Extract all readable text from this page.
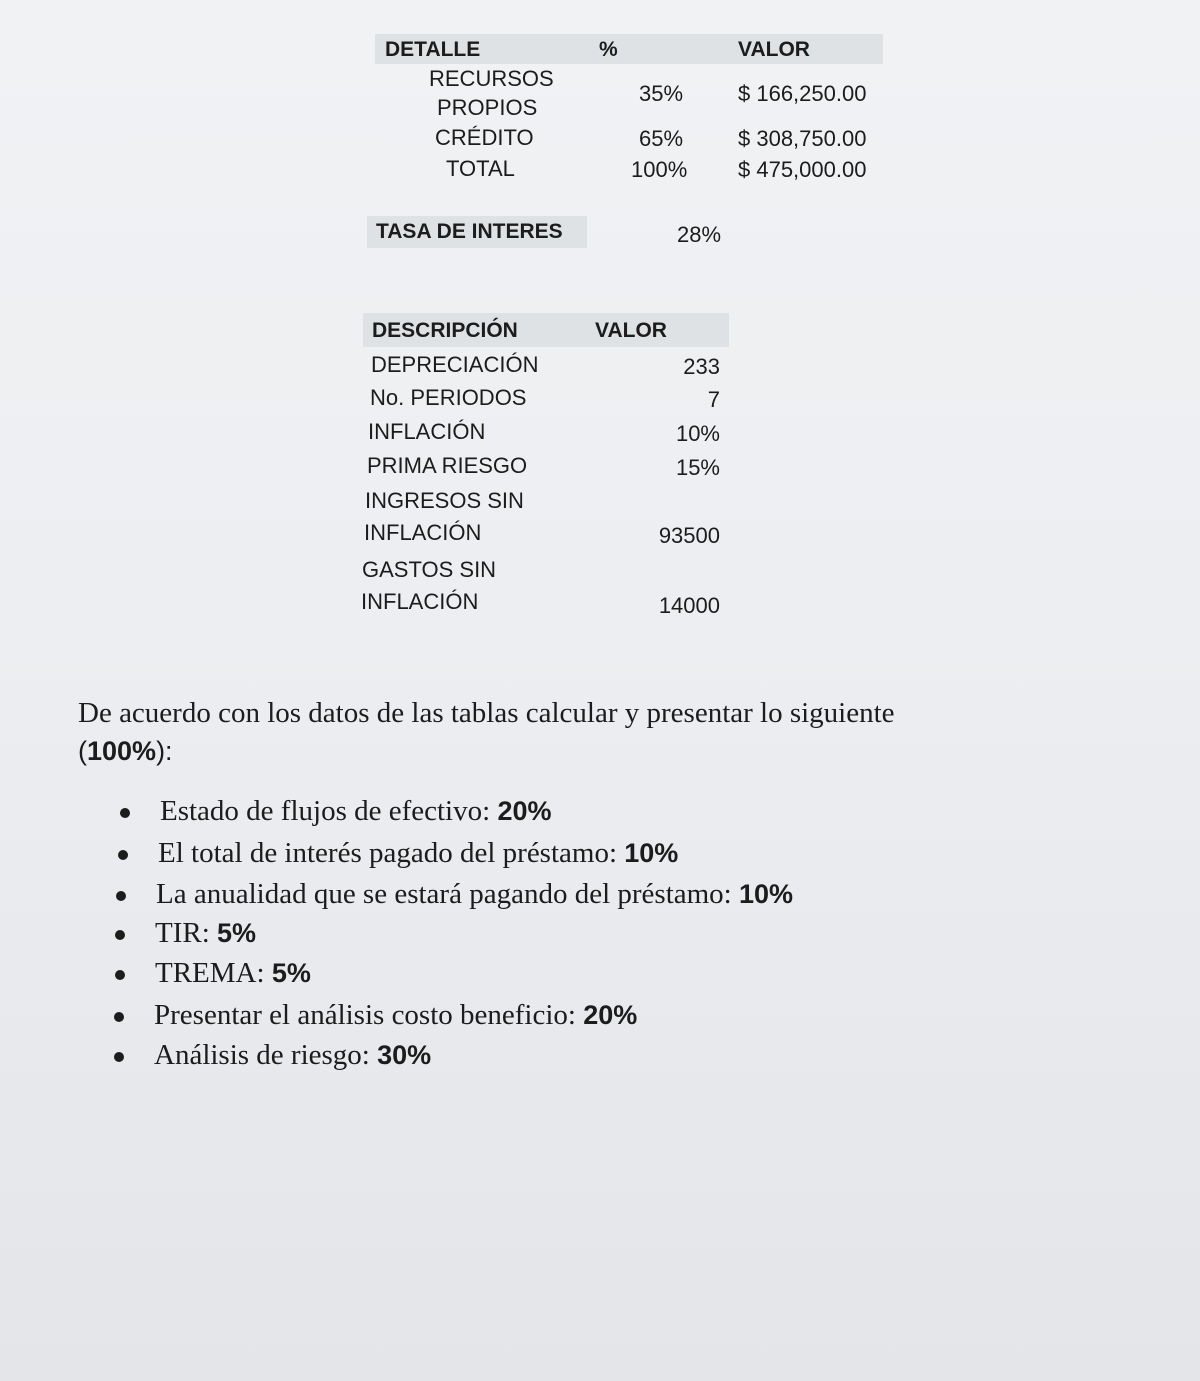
DETALLE	%	VALOR
RECURSOS
PROPIOS
35% $ 166,250.00
CRÉDITO	65% $ 308,750.00
TOTAL	100% $ 475,000.00
TASA DE INTERES	28%
DESCRIPCIÓN	VALOR
DEPRECIACIÓN	233
No. PERIODOS	7
INFLACIÓN	10%
PRIMA RIESGO	15%
INGRESOS SIN
INFLACIÓN	93500
GASTOS SIN
INFLACIÓN	14000
De acuerdo con los datos de las tablas calcular y presentar lo siguiente
(100%):
Estado de flujos de efectivo: 20%
El total de interés pagado del préstamo: 10%
La anualidad que se estará pagando del préstamo: 10%
TIR: 5%
TREMA: 5%
Presentar el análisis costo beneficio: 20%
Análisis de riesgo: 30%
